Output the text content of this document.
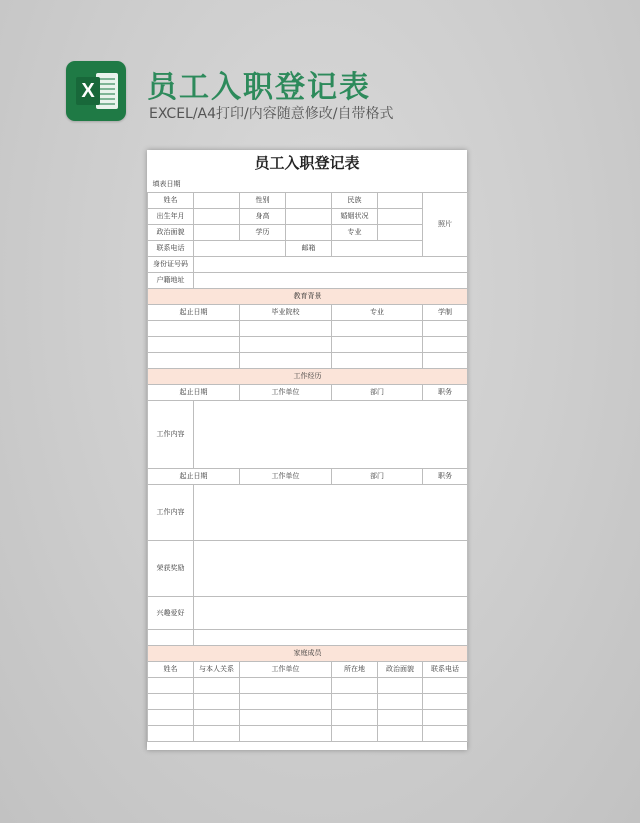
X 员工入职登记表
EXCEL/A4打印/内容随意修改/自带格式
员工入职登记表
填表日期						
姓名		性别		民族		照片
出生年月		身高		婚姻状况		
政治面貌		学历		专业		
联系电话			邮箱			
身份证号码						
户籍地址						
教育背景						
起止日期		毕业院校		专业		学制

工作经历						
起止日期		工作单位		部门		职务
工作内容						
起止日期		工作单位		部门		职务
工作内容						
荣获奖励						
兴趣爱好						

家庭成员						
姓名	与本人关系	工作单位		所在地	政治面貌	联系电话
